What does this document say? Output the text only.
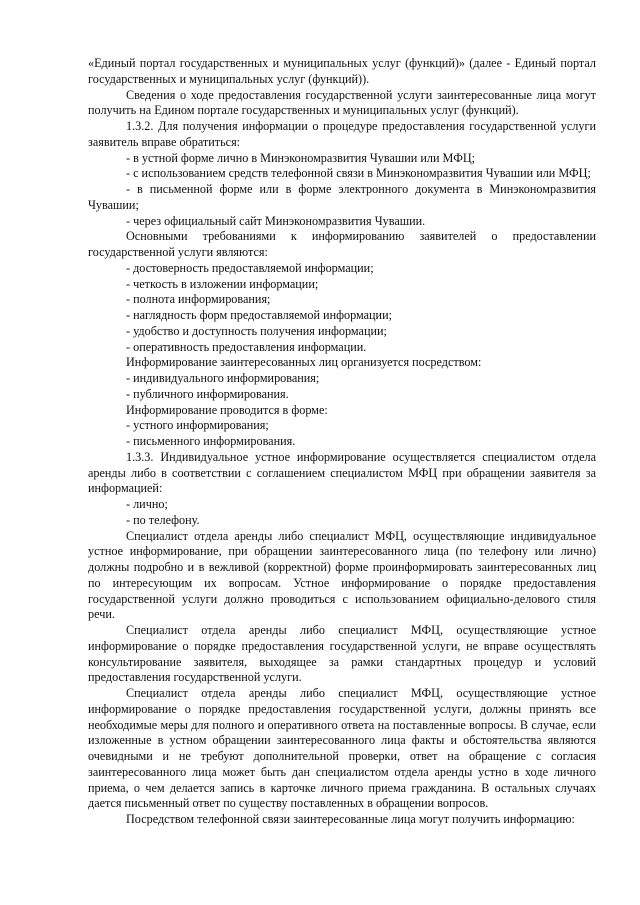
«Единый портал государственных и муниципальных услуг (функций)» (далее - Единый портал государственных и муниципальных услуг (функций)).

Сведения о ходе предоставления государственной услуги заинтересованные лица могут получить на Едином портале государственных и муниципальных услуг (функций).

1.3.2. Для получения информации о процедуре предоставления государственной услуги заявитель вправе обратиться:

- в устной форме лично в Минэкономразвития Чувашии или МФЦ;

- с использованием средств телефонной связи в Минэкономразвития Чувашии или МФЦ;

- в письменной форме или в форме электронного документа в Минэкономразвития Чувашии;

- через официальный сайт Минэкономразвития Чувашии.

Основными требованиями к информированию заявителей о предоставлении государственной услуги являются:

- достоверность предоставляемой информации;

- четкость в изложении информации;

- полнота информирования;

- наглядность форм предоставляемой информации;

- удобство и доступность получения информации;

- оперативность предоставления информации.

Информирование заинтересованных лиц организуется посредством:

- индивидуального информирования;

- публичного информирования.

Информирование проводится в форме:

- устного информирования;

- письменного информирования.

1.3.3. Индивидуальное устное информирование осуществляется специалистом отдела аренды либо в соответствии с соглашением специалистом МФЦ при обращении заявителя за информацией:

- лично;

- по телефону.

Специалист отдела аренды либо специалист МФЦ, осуществляющие индивидуальное устное информирование, при обращении заинтересованного лица (по телефону или лично) должны подробно и в вежливой (корректной) форме проинформировать заинтересованных лиц по интересующим их вопросам. Устное информирование о порядке предоставления государственной услуги должно проводиться с использованием официально-делового стиля речи.

Специалист отдела аренды либо специалист МФЦ, осуществляющие устное информирование о порядке предоставления государственной услуги, не вправе осуществлять консультирование заявителя, выходящее за рамки стандартных процедур и условий предоставления государственной услуги.

Специалист отдела аренды либо специалист МФЦ, осуществляющие устное информирование о порядке предоставления государственной услуги, должны принять все необходимые меры для полного и оперативного ответа на поставленные вопросы. В случае, если изложенные в устном обращении заинтересованного лица факты и обстоятельства являются очевидными и не требуют дополнительной проверки, ответ на обращение с согласия заинтересованного лица может быть дан специалистом отдела аренды устно в ходе личного приема, о чем делается запись в карточке личного приема гражданина. В остальных случаях дается письменный ответ по существу поставленных в обращении вопросов.

Посредством телефонной связи заинтересованные лица могут получить информацию:
